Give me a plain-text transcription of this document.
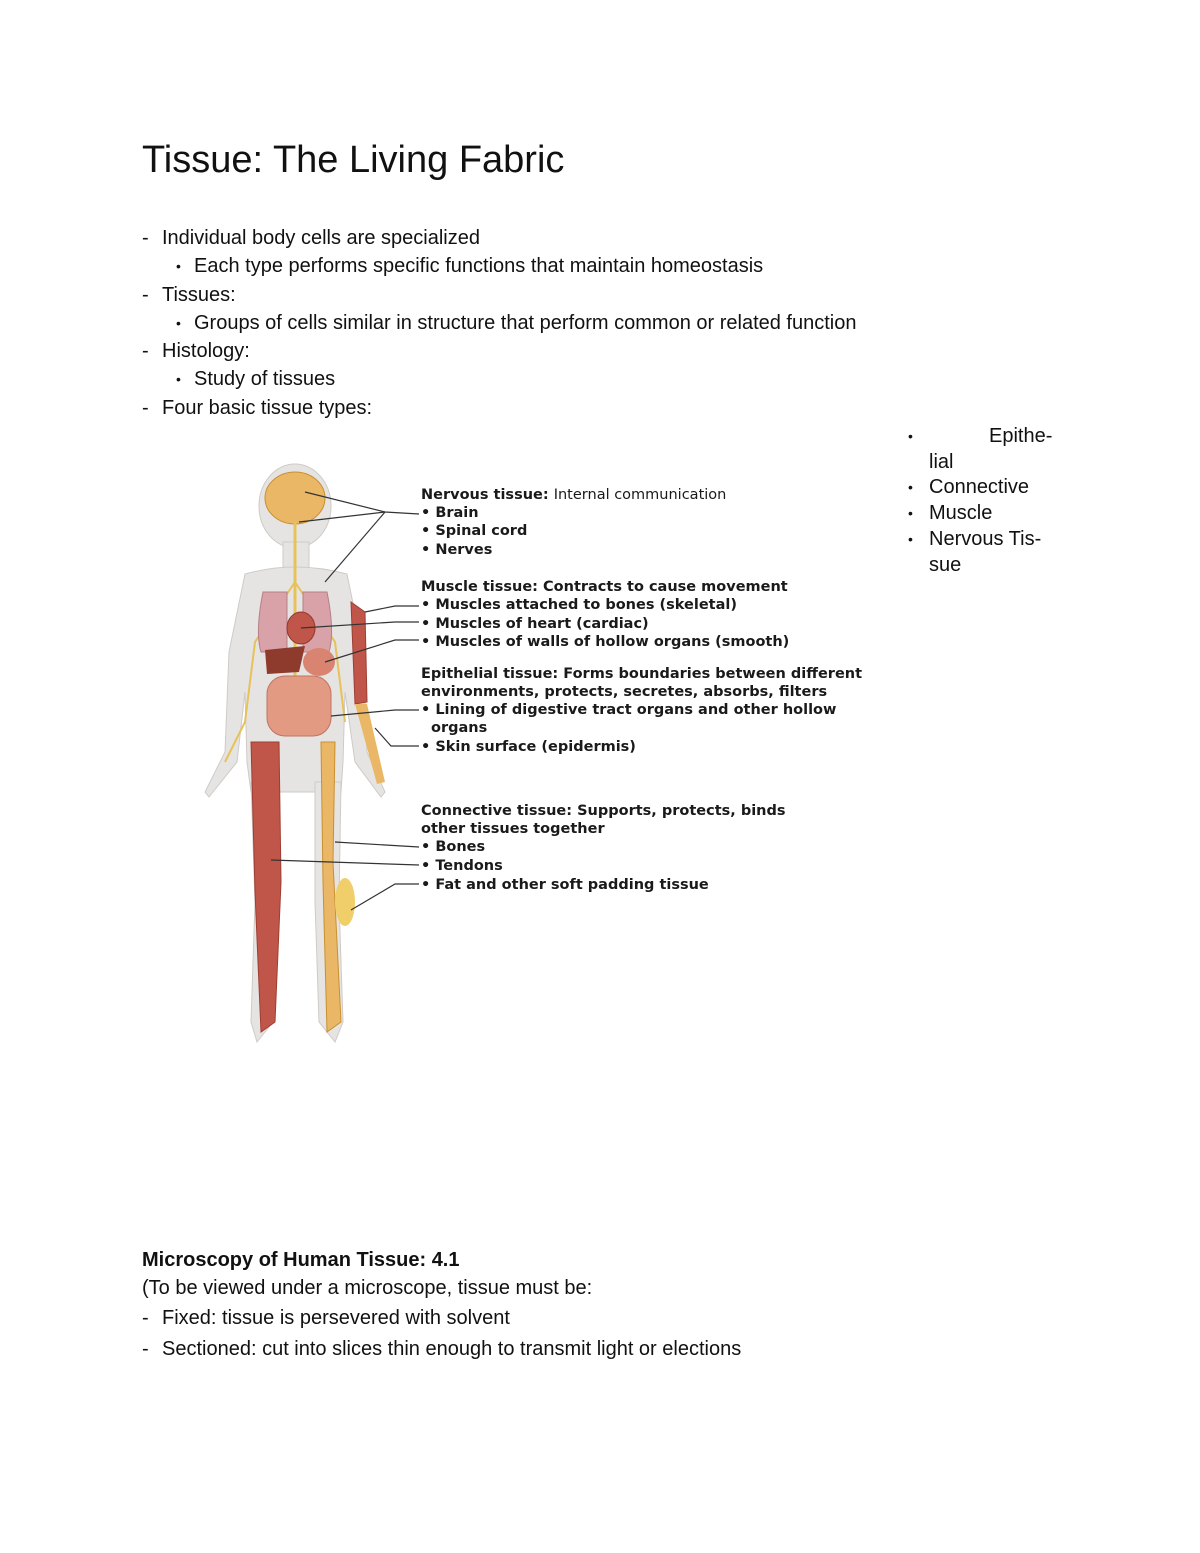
Tissue: The Living Fabric
- Individual body cells are specialized
• Each type performs specific functions that maintain homeostasis
- Tissues:
• Groups of cells similar in structure that perform common or related function
- Histology:
• Study of tissues
- Four basic tissue types:
•	Epithe-
lial
• Connective
• Muscle
• Nervous Tis-
sue
Nervous tissue: Internal communication
• Brain
• Spinal cord
• Nerves
Muscle tissue: Contracts to cause movement
• Muscles attached to bones (skeletal)
• Muscles of heart (cardiac)
• Muscles of walls of hollow organs (smooth)
Epithelial tissue: Forms boundaries between different
environments, protects, secretes, absorbs, filters
• Lining of digestive tract organs and other hollow
organs
• Skin surface (epidermis)
Connective tissue: Supports, protects, binds
other tissues together
• Bones
• Tendons
• Fat and other soft padding tissue
Microscopy of Human Tissue: 4.1
(To be viewed under a microscope, tissue must be:
- Fixed: tissue is persevered with solvent
- Sectioned: cut into slices thin enough to transmit light or elections
